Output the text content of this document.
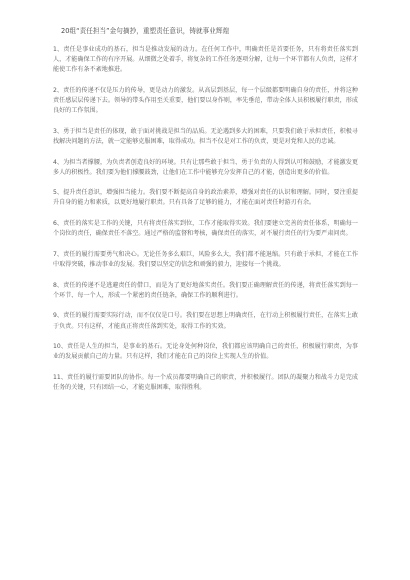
20组“责任担当”金句摘抄，重塑责任意识，铸就事业辉煌

1、责任是事业成功的基石，担当是推动发展的动力。在任何工作中，明确责任是首要任务，只有将责任落实到人，才能确保工作的有序开展。从细微之处着手，将复杂的工作任务逐项分解，让每一个环节都有人负责，这样才能使工作有条不紊地推进。

2、责任的传递不仅是压力的传导，更是动力的激发。从高层到基层，每一个层级都要明确自身的责任，并将这种责任感层层传递下去。领导的带头作用至关重要，他们要以身作则，率先垂范，带动全体人员积极履行职责，形成良好的工作氛围。

3、勇于担当是责任的体现，敢于面对挑战是担当的品质。无论遇到多大的困难，只要我们敢于承担责任，积极寻找解决问题的方法，就一定能够克服困难，取得成功。担当不仅是对工作的负责，更是对党和人民的忠诚。

4、为担当者撑腰，为负责者创造良好的环境。只有让那些敢于担当、勇于负责的人得到认可和鼓励，才能激发更多人的积极性。我们要为他们撑腰鼓劲，让他们在工作中能够充分发挥自己的才能，创造出更多的价值。

5、提升责任意识，增强担当能力。我们要不断提高自身的政治素养，增强对责任的认识和理解。同时，要注重提升自身的能力和素质，以更好地履行职责。只有具备了足够的能力，才能在面对责任时游刃有余。

6、责任的落实是工作的关键，只有将责任落实到位，工作才能取得实效。我们要建立完善的责任体系，明确每一个岗位的责任，确保责任不落空。通过严格的监督和考核，确保责任的落实，对不履行责任的行为要严肃问责。

7、责任的履行需要勇气和决心。无论任务多么艰巨，风险多么大，我们都不能退缩。只有敢于承担，才能在工作中取得突破，推动事业的发展。我们要以坚定的信念和顽强的毅力，迎接每一个挑战。

8、责任的传递不是逃避责任的借口，而是为了更好地落实责任。我们要正确理解责任的传递，将责任落实到每一个环节、每一个人，形成一个紧密的责任链条，确保工作的顺利进行。

9、责任的履行需要实际行动，而不仅仅是口号。我们要在思想上明确责任，在行动上积极履行责任，在落实上敢于负责。只有这样，才能真正将责任落到实处，取得工作的实效。

10、责任是人生的担当，是事业的基石。无论身处何种岗位，我们都应该明确自己的责任，积极履行职责，为事业的发展贡献自己的力量。只有这样，我们才能在自己的岗位上实现人生的价值。

11、责任的履行需要团队的协作。每一个成员都要明确自己的职责，并积极履行。团队的凝聚力和战斗力是完成任务的关键，只有团结一心，才能克服困难，取得胜利。
